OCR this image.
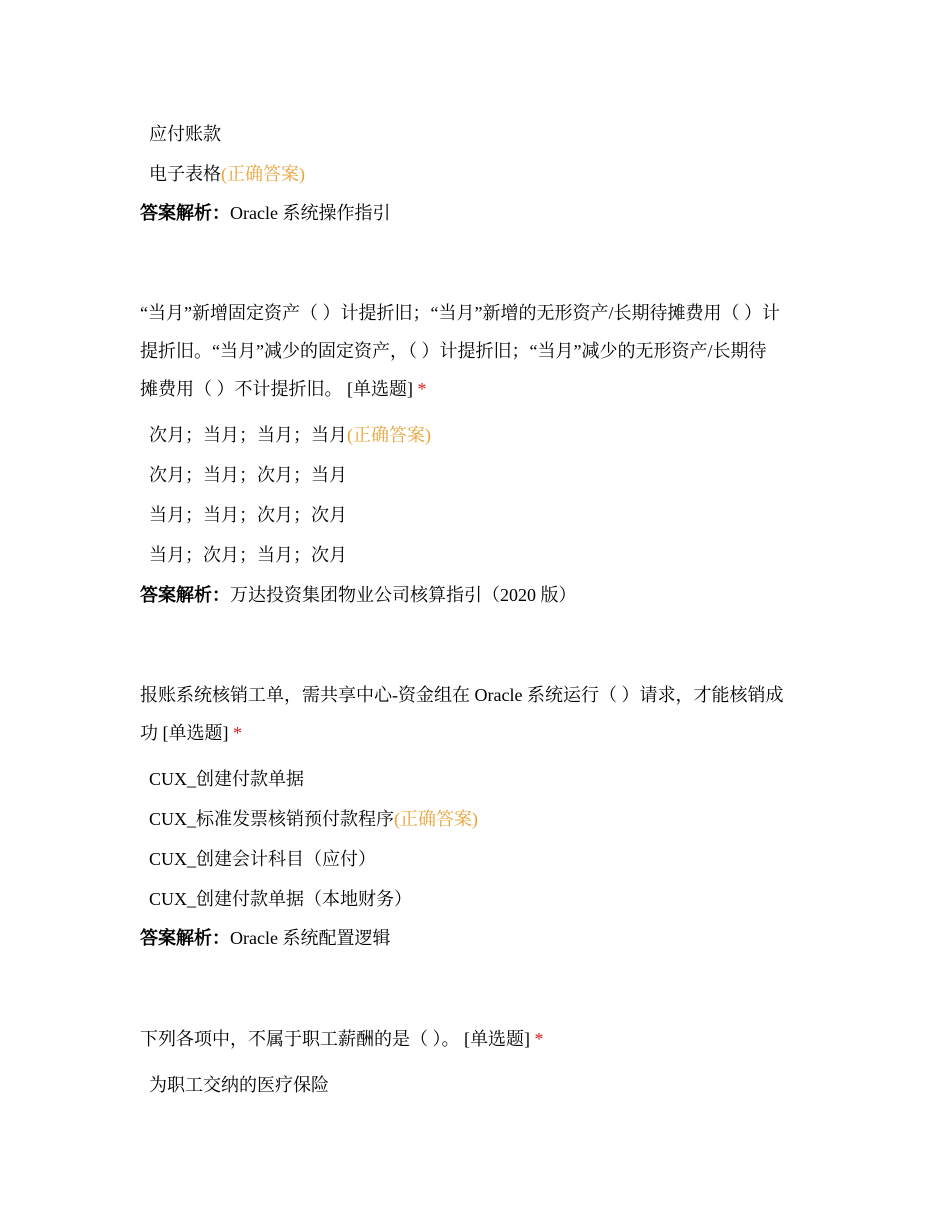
应付账款
电子表格(正确答案)
答案解析：Oracle 系统操作指引
“当月”新增固定资产（ ）计提折旧；“当月”新增的无形资产/长期待摊费用（ ）计
提折旧。“当月”减少的固定资产，（ ）计提折旧；“当月”减少的无形资产/长期待
摊费用（ ）不计提折旧。 [单选题] *
次月；当月；当月；当月(正确答案)
次月；当月；次月；当月
当月；当月；次月；次月
当月；次月；当月；次月
答案解析：万达投资集团物业公司核算指引（2020 版）
报账系统核销工单，需共享中心-资金组在 Oracle 系统运行（ ）请求，才能核销成
功 [单选题] *
CUX_创建付款单据
CUX_标准发票核销预付款程序(正确答案)
CUX_创建会计科目（应付）
CUX_创建付款单据（本地财务）
答案解析：Oracle 系统配置逻辑
下列各项中，不属于职工薪酬的是（ ）。 [单选题] *
为职工交纳的医疗保险
